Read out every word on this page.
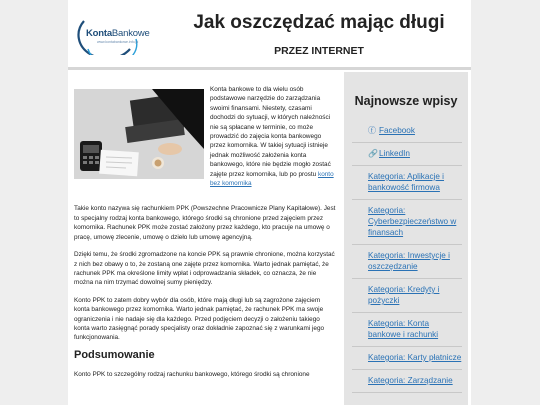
KontaBankowe
www.kontabankowe.info.pl
Jak oszczędzać mając długi
PRZEZ INTERNET

Konta bankowe to dla wielu osób podstawowe narzędzie do zarządzania swoimi finansami. Niestety, czasami dochodzi do sytuacji, w których należności nie są spłacane w terminie, co może prowadzić do zajęcia konta bankowego przez komornika. W takiej sytuacji istnieje jednak możliwość założenia konta bankowego, które nie będzie mogło zostać zajęte przez komornika, lub po prostu konto bez komornika

Takie konto nazywa się rachunkiem PPK (Powszechne Pracownicze Plany Kapitałowe). Jest to specjalny rodzaj konta bankowego, którego środki są chronione przed zajęciem przez komornika. Rachunek PPK może zostać założony przez każdego, kto pracuje na umowę o pracę, umowę zlecenie, umowę o dzieło lub umowę agencyjną.

Dzięki temu, że środki zgromadzone na koncie PPK są prawnie chronione, można korzystać z nich bez obawy o to, że zostaną one zajęte przez komornika. Warto jednak pamiętać, że rachunek PPK ma określone limity wpłat i odprowadzania składek, co oznacza, że nie można na nim trzymać dowolnej sumy pieniędzy.

Konto PPK to zatem dobry wybór dla osób, które mają długi lub są zagrożone zajęciem konta bankowego przez komornika. Warto jednak pamiętać, że rachunek PPK ma swoje ograniczenia i nie nadaje się dla każdego. Przed podjęciem decyzji o założeniu takiego konta warto zasięgnąć porady specjalisty oraz dokładnie zapoznać się z warunkami jego funkcjonowania.

Podsumowanie

Konto PPK to szczególny rodzaj rachunku bankowego, którego środki są chronione

Najnowsze wpisy
ⓕ Facebook
🔗 LinkedIn
Kategoria: Aplikacje i bankowość firmowa
Kategoria: Cyberbezpieczeństwo w finansach
Kategoria: Inwestycje i oszczędzanie
Kategoria: Kredyty i pożyczki
Kategoria: Konta bankowe i rachunki
Kategoria: Karty płatnicze
Kategoria: Zarządzanie
